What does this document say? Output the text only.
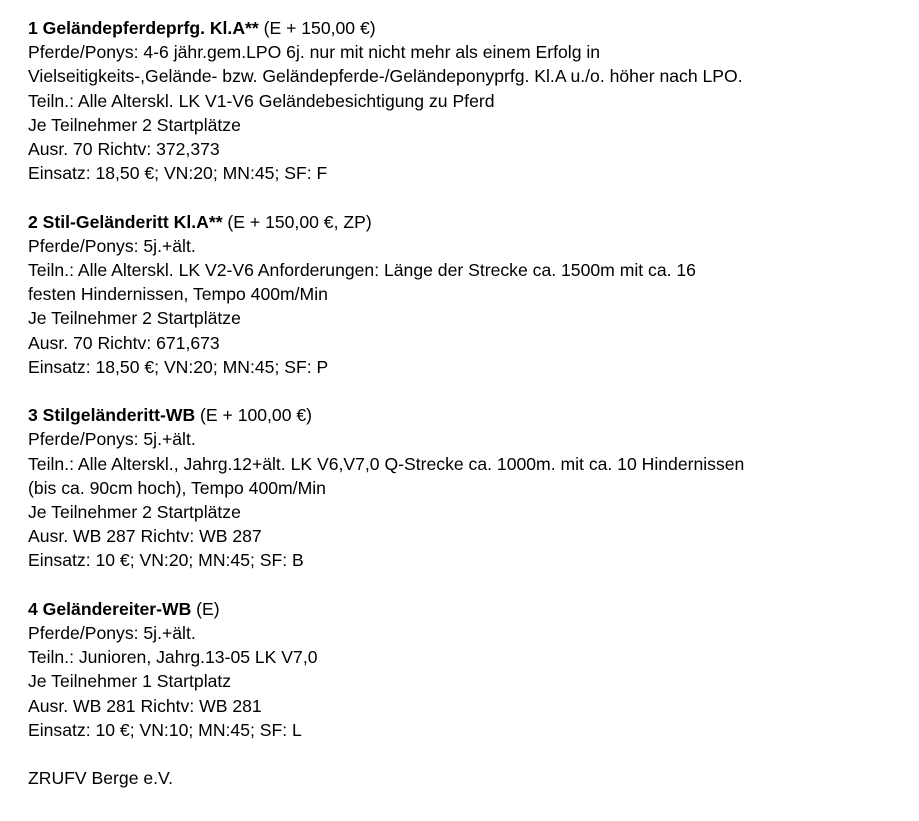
1 Geländepferdeprfg. Kl.A** (E + 150,00 €)
Pferde/Ponys: 4-6 jähr.gem.LPO 6j. nur mit nicht mehr als einem Erfolg in
Vielseitigkeits-,Gelände- bzw. Geländepferde-/Geländeponyprfg. Kl.A u./o. höher nach LPO.
Teiln.: Alle Alterskl. LK V1-V6 Geländebesichtigung zu Pferd
Je Teilnehmer 2 Startplätze
Ausr. 70 Richtv: 372,373
Einsatz: 18,50 €; VN:20; MN:45; SF: F
2 Stil-Geländeritt Kl.A** (E + 150,00 €, ZP)
Pferde/Ponys: 5j.+ält.
Teiln.: Alle Alterskl. LK V2-V6 Anforderungen: Länge der Strecke ca. 1500m mit ca. 16
festen Hindernissen, Tempo 400m/Min
Je Teilnehmer 2 Startplätze
Ausr. 70 Richtv: 671,673
Einsatz: 18,50 €; VN:20; MN:45; SF: P
3 Stilgeländeritt-WB (E + 100,00 €)
Pferde/Ponys: 5j.+ält.
Teiln.: Alle Alterskl., Jahrg.12+ält. LK V6,V7,0 Q-Strecke ca. 1000m. mit ca. 10 Hindernissen
(bis ca. 90cm hoch), Tempo 400m/Min
Je Teilnehmer 2 Startplätze
Ausr. WB 287 Richtv: WB 287
Einsatz: 10 €; VN:20; MN:45; SF: B
4 Geländereiter-WB (E)
Pferde/Ponys: 5j.+ält.
Teiln.: Junioren, Jahrg.13-05 LK V7,0
Je Teilnehmer 1 Startplatz
Ausr. WB 281 Richtv: WB 281
Einsatz: 10 €; VN:10; MN:45; SF: L
ZRUFV Berge e.V.
